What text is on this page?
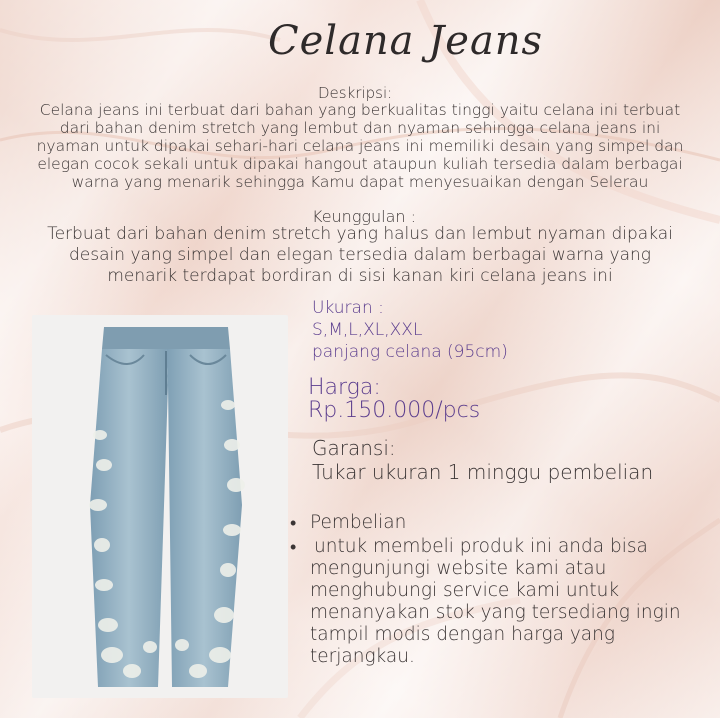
Celana Jeans
Deskripsi:
Celana jeans ini terbuat dari bahan yang berkualitas tinggi yaitu celana ini terbuat
dari bahan denim stretch yang lembut dan nyaman sehingga celana jeans ini
nyaman untuk dipakai sehari-hari celana jeans ini memiliki desain yang simpel dan
elegan cocok sekali untuk dipakai hangout ataupun kuliah tersedia dalam berbagai
warna yang menarik sehingga Kamu dapat menyesuaikan dengan Selerau
Keunggulan :
Terbuat dari bahan denim stretch yang halus dan lembut nyaman dipakai
desain yang simpel dan elegan tersedia dalam berbagai warna yang
menarik terdapat bordiran di sisi kanan kiri celana jeans ini
Ukuran :
S,M,L,XL,XXL
panjang celana (95cm)
Harga:
Rp.150.000/pcs
Garansi:
Tukar ukuran 1 minggu pembelian
• Pembelian
• untuk membeli produk ini anda bisa
mengunjungi website kami atau
menghubungi service kami untuk
menanyakan stok yang tersediang ingin
tampil modis dengan harga yang
terjangkau.
